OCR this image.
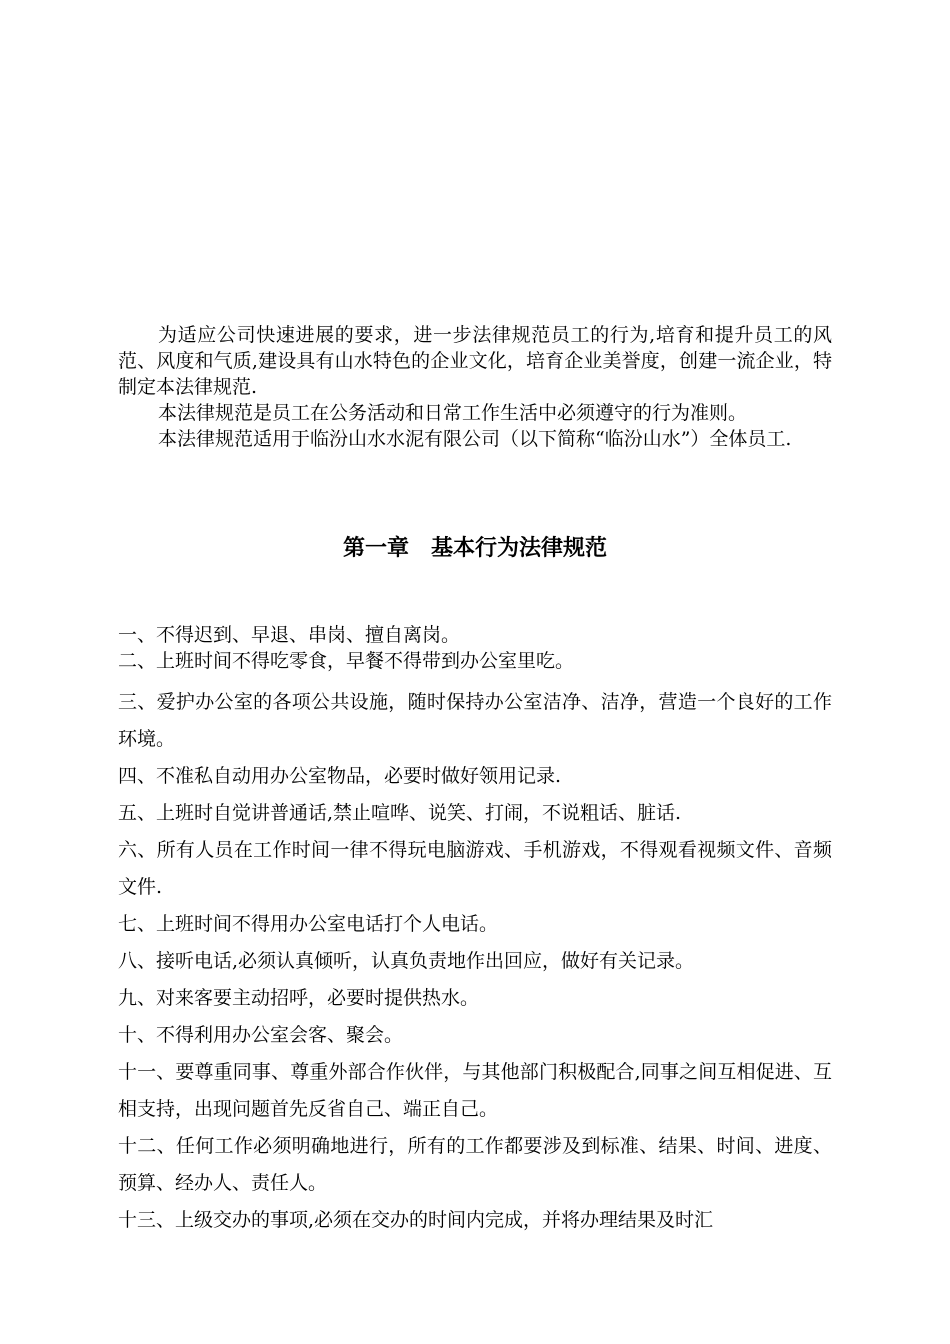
为适应公司快速进展的要求，进一步法律规范员工的行为,培育和提升员工的风范、风度和气质,建设具有山水特色的企业文化，培育企业美誉度，创建一流企业，特制定本法律规范.

本法律规范是员工在公务活动和日常工作生活中必须遵守的行为准则。

本法律规范适用于临汾山水水泥有限公司（以下简称“临汾山水”）全体员工.

第一章　基本行为法律规范
一、不得迟到、早退、串岗、擅自离岗。
二、上班时间不得吃零食，早餐不得带到办公室里吃。
三、爱护办公室的各项公共设施，随时保持办公室洁净、洁净，营造一个良好的工作环境。
四、不准私自动用办公室物品，必要时做好领用记录.
五、上班时自觉讲普通话,禁止喧哗、说笑、打闹，不说粗话、脏话.
六、所有人员在工作时间一律不得玩电脑游戏、手机游戏，不得观看视频文件、音频文件.
七、上班时间不得用办公室电话打个人电话。
八、接听电话,必须认真倾听，认真负责地作出回应，做好有关记录。
九、对来客要主动招呼，必要时提供热水。
十、不得利用办公室会客、聚会。
十一、要尊重同事、尊重外部合作伙伴，与其他部门积极配合,同事之间互相促进、互相支持，出现问题首先反省自己、端正自己。
十二、任何工作必须明确地进行，所有的工作都要涉及到标准、结果、时间、进度、预算、经办人、责任人。
十三、上级交办的事项,必须在交办的时间内完成，并将办理结果及时汇
